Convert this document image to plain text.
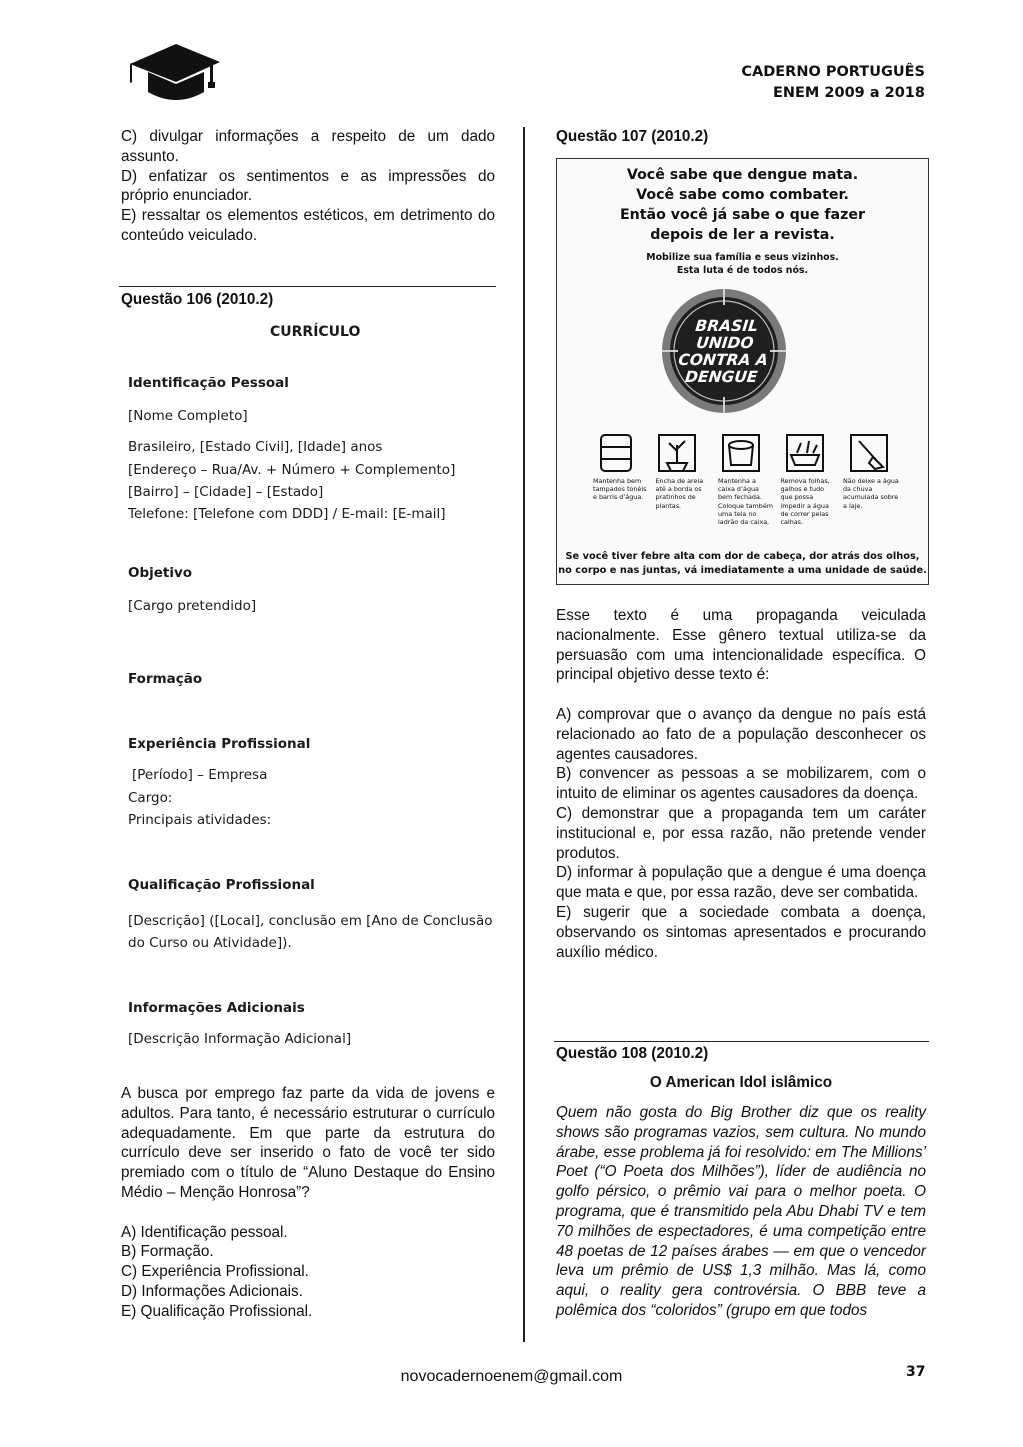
CADERNO PORTUGUÊS
ENEM 2009 a 2018
C) divulgar informações a respeito de um dado assunto.
D) enfatizar os sentimentos e as impressões do próprio enunciador.
E) ressaltar os elementos estéticos, em detrimento do conteúdo veiculado.
Questão 106 (2010.2)
CURRÍCULO
Identificação Pessoal
[Nome Completo]
Brasileiro, [Estado Civil], [Idade] anos
[Endereço – Rua/Av. + Número + Complemento]
[Bairro] – [Cidade] – [Estado]
Telefone: [Telefone com DDD] / E-mail: [E-mail]
Objetivo
[Cargo pretendido]
Formação
Experiência Profissional
[Período] – Empresa
Cargo:
Principais atividades:
Qualificação Profissional
[Descrição] ([Local], conclusão em [Ano de Conclusão
do Curso ou Atividade]).
Informações Adicionais
[Descrição Informação Adicional]
A busca por emprego faz parte da vida de jovens e adultos. Para tanto, é necessário estruturar o currículo adequadamente. Em que parte da estrutura do currículo deve ser inserido o fato de você ter sido premiado com o título de “Aluno Destaque do Ensino Médio – Menção Honrosa”?
A) Identificação pessoal.
B) Formação.
C) Experiência Profissional.
D) Informações Adicionais.
E) Qualificação Profissional.
Questão 107 (2010.2)
Você sabe que dengue mata.
Você sabe como combater.
Então você já sabe o que fazer
depois de ler a revista.
Mobilize sua família e seus vizinhos.
Esta luta é de todos nós.
BRASIL
UNIDO
CONTRA A
DENGUE
Mantenha bem tampados tonéis e barris d’água.
Encha de areia até a borda os pratinhos de plantas.
Mantenha a caixa d’água bem fechada. Coloque também uma tela no ladrão da caixa.
Remova folhas, galhos e tudo que possa impedir a água de correr pelas calhas.
Não deixe a água da chuva acumulada sobre a laje.
Se você tiver febre alta com dor de cabeça, dor atrás dos olhos,
no corpo e nas juntas, vá imediatamente a uma unidade de saúde.
Esse texto é uma propaganda veiculada nacionalmente. Esse gênero textual utiliza-se da persuasão com uma intencionalidade específica. O principal objetivo desse texto é:
A) comprovar que o avanço da dengue no país está relacionado ao fato de a população desconhecer os agentes causadores.
B) convencer as pessoas a se mobilizarem, com o intuito de eliminar os agentes causadores da doença.
C) demonstrar que a propaganda tem um caráter institucional e, por essa razão, não pretende vender produtos.
D) informar à população que a dengue é uma doença que mata e que, por essa razão, deve ser combatida.
E) sugerir que a sociedade combata a doença, observando os sintomas apresentados e procurando auxílio médico.
Questão 108 (2010.2)
O American Idol islâmico
Quem não gosta do Big Brother diz que os reality shows são programas vazios, sem cultura. No mundo árabe, esse problema já foi resolvido: em The Millions’ Poet (“O Poeta dos Milhões”), líder de audiência no golfo pérsico, o prêmio vai para o melhor poeta. O programa, que é transmitido pela Abu Dhabi TV e tem 70 milhões de espectadores, é uma competição entre 48 poetas de 12 países árabes — em que o vencedor leva um prêmio de US$ 1,3 milhão. Mas lá, como aqui, o reality gera controvérsia. O BBB teve a polêmica dos “coloridos” (grupo em que todos
novocadernoenem@gmail.com	37
